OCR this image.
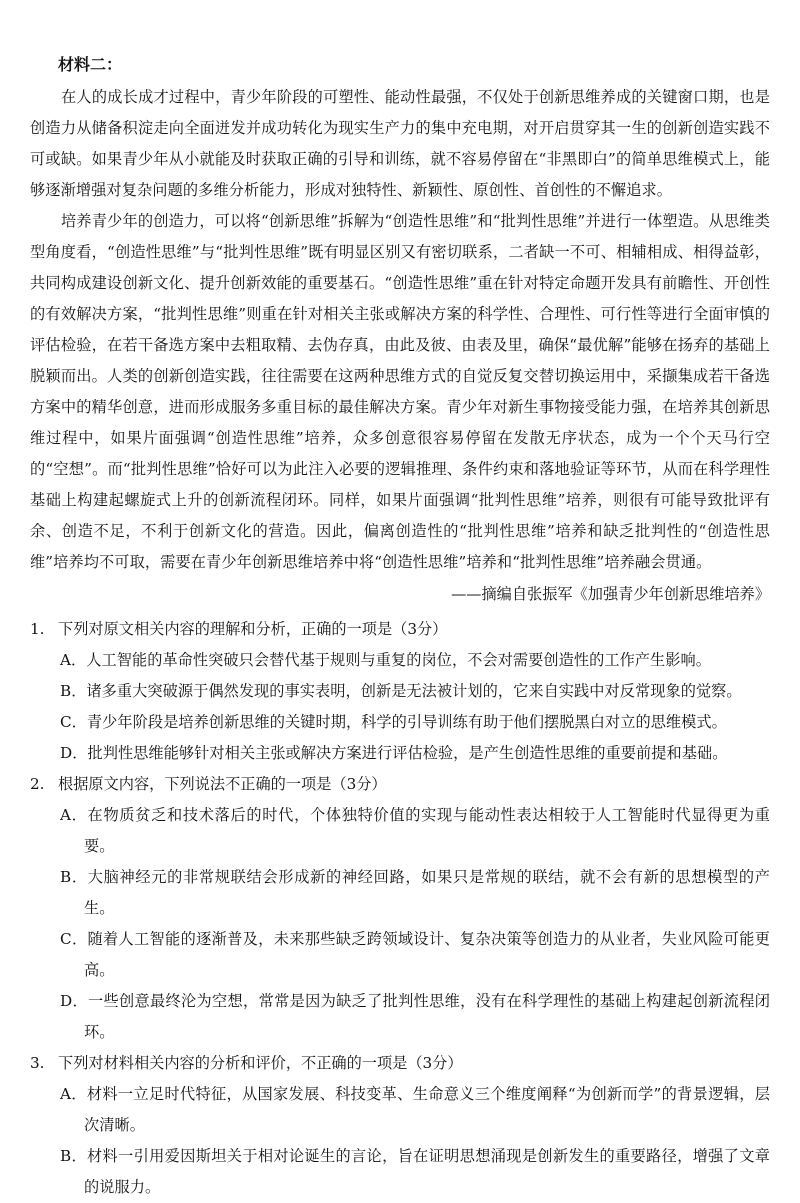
材料二：

在人的成长成才过程中，青少年阶段的可塑性、能动性最强，不仅处于创新思维养成的关键窗口期，也是创造力从储备积淀走向全面迸发并成功转化为现实生产力的集中充电期，对开启贯穿其一生的创新创造实践不可或缺。如果青少年从小就能及时获取正确的引导和训练，就不容易停留在“非黑即白”的简单思维模式上，能够逐渐增强对复杂问题的多维分析能力，形成对独特性、新颖性、原创性、首创性的不懈追求。

培养青少年的创造力，可以将“创新思维”拆解为“创造性思维”和“批判性思维”并进行一体塑造。从思维类型角度看，“创造性思维”与“批判性思维”既有明显区别又有密切联系，二者缺一不可、相辅相成、相得益彰，共同构成建设创新文化、提升创新效能的重要基石。“创造性思维”重在针对特定命题开发具有前瞻性、开创性的有效解决方案，“批判性思维”则重在针对相关主张或解决方案的科学性、合理性、可行性等进行全面审慎的评估检验，在若干备选方案中去粗取精、去伪存真，由此及彼、由表及里，确保“最优解”能够在扬弃的基础上脱颖而出。人类的创新创造实践，往往需要在这两种思维方式的自觉反复交替切换运用中，采撷集成若干备选方案中的精华创意，进而形成服务多重目标的最佳解决方案。青少年对新生事物接受能力强，在培养其创新思维过程中，如果片面强调“创造性思维”培养，众多创意很容易停留在发散无序状态，成为一个个天马行空的“空想”。而“批判性思维”恰好可以为此注入必要的逻辑推理、条件约束和落地验证等环节，从而在科学理性基础上构建起螺旋式上升的创新流程闭环。同样，如果片面强调“批判性思维”培养，则很有可能导致批评有余、创造不足，不利于创新文化的营造。因此，偏离创造性的“批判性思维”培养和缺乏批判性的“创造性思维”培养均不可取，需要在青少年创新思维培养中将“创造性思维”培养和“批判性思维”培养融会贯通。

——摘编自张振军《加强青少年创新思维培养》
1. 下列对原文相关内容的理解和分析，正确的一项是（3分）
A．人工智能的革命性突破只会替代基于规则与重复的岗位，不会对需要创造性的工作产生影响。
B．诸多重大突破源于偶然发现的事实表明，创新是无法被计划的，它来自实践中对反常现象的觉察。
C．青少年阶段是培养创新思维的关键时期，科学的引导训练有助于他们摆脱黑白对立的思维模式。
D．批判性思维能够针对相关主张或解决方案进行评估检验，是产生创造性思维的重要前提和基础。
2. 根据原文内容，下列说法不正确的一项是（3分）
A．在物质贫乏和技术落后的时代，个体独特价值的实现与能动性表达相较于人工智能时代显得更为重要。
B．大脑神经元的非常规联结会形成新的神经回路，如果只是常规的联结，就不会有新的思想模型的产生。
C．随着人工智能的逐渐普及，未来那些缺乏跨领域设计、复杂决策等创造力的从业者，失业风险可能更高。
D．一些创意最终沦为空想，常常是因为缺乏了批判性思维，没有在科学理性的基础上构建起创新流程闭环。
3. 下列对材料相关内容的分析和评价，不正确的一项是（3分）
A．材料一立足时代特征，从国家发展、科技变革、生命意义三个维度阐释“为创新而学”的背景逻辑，层次清晰。
B．材料一引用爱因斯坦关于相对论诞生的言论，旨在证明思想涌现是创新发生的重要路径，增强了文章的说服力。
